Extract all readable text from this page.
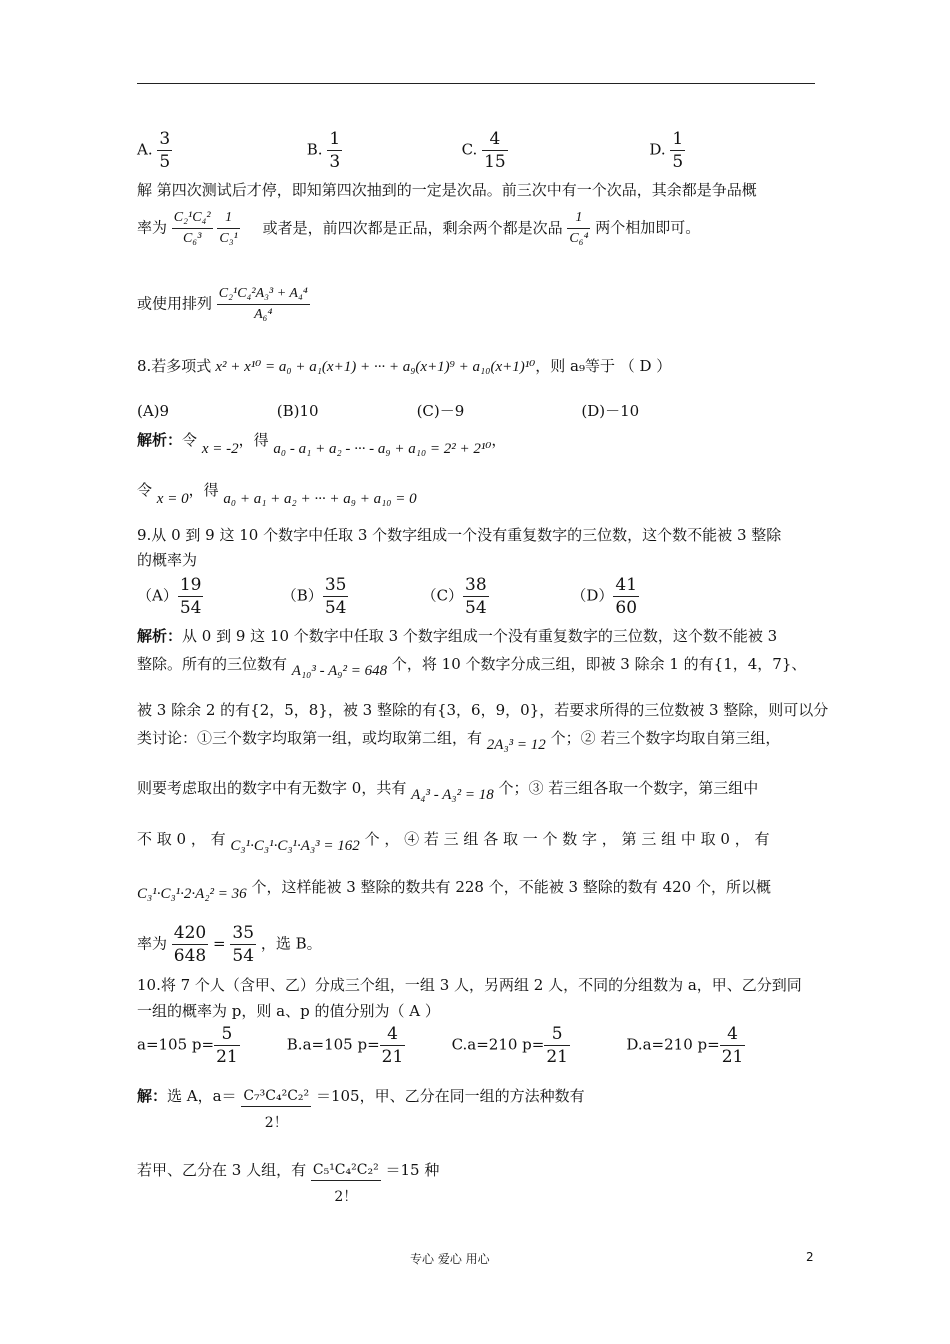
A. $\frac{3}{5}$	B. $\frac{1}{3}$	C. $\frac{4}{15}$	D. $\frac{1}{5}$
解 第四次测试后才停，即知第四次抽到的一定是次品。前三次中有一个次品，其余都是争品概
率为 $\frac{\text{C₂¹C₄²}}{\text{C₆³}}$
$\frac{1}{\text{C₃¹}}$ 或者是，前四次都是正品，剩余两个都是次品 $\frac{1}{\text{C₆⁴}}$ 两个相加即可。
或使用排列 $\frac{\text{C₂¹C₄²A₃³ + A₄⁴}}{\text{A₆⁴}}$
8.若多项式 x² + x¹⁰ = a₀ + a₁(x+1) + ··· + a₉(x+1)⁹ + a₁₀(x+1)¹⁰，则 a₉等于 （ D ）
(A)9	(B)10	(C)－9	(D)－10
解析：令 x = -2，得 a₀ - a₁ + a₂ - ··· - a₉ + a₁₀ = 2² + 2¹⁰，
令 x = 0，得 a₀ + a₁ + a₂ + ··· + a₉ + a₁₀ = 0
9.从 0 到 9 这 10 个数字中任取 3 个数字组成一个没有重复数字的三位数，这个数不能被 3 整除
的概率为
$(A) \frac{19}{54}$	$(B) \frac{35}{54}$	$(C) \frac{38}{54}$	$(D) \frac{41}{60}$
解析：从 0 到 9 这 10 个数字中任取 3 个数字组成一个没有重复数字的三位数，这个数不能被 3
整除。所有的三位数有 A₁₀³ - A₉² = 648 个，将 10 个数字分成三组，即被 3 除余 1 的有{1，4，7}、
被 3 除余 2 的有{2，5，8}，被 3 整除的有{3，6，9，0}，若要求所得的三位数被 3 整除，则可以分
类讨论：①三个数字均取第一组，或均取第二组，有 2A₃³ = 12 个；② 若三个数字均取自第三组，
则要考虑取出的数字中有无数字 0，共有 A₄³ - A₃² = 18 个；③ 若三组各取一个数字，第三组中
不 取 0 ， 有 C₃¹·C₃¹·C₃¹·A₃³ = 162 个 ， ④ 若 三 组 各 取 一 个 数 字 ， 第 三 组 中 取 0 ， 有
C₃¹·C₃¹·2·A₂² = 36 个，这样能被 3 整除的数共有 228 个，不能被 3 整除的数有 420 个，所以概
率为 $\frac{420}{648} = \frac{35}{54}$ ，选 B。
10.将 7 个人（含甲、乙）分成三个组，一组 3 人，另两组 2 人，不同的分组数为 a，甲、乙分到同
一组的概率为 p，则 a、p 的值分别为（ A ）
a=105 $p= \frac{5}{21}$	B.a=105 $p= \frac{4}{21}$	C.a=210 $p= \frac{5}{21}$	D.a=210 $p= \frac{4}{21}$
解：选 A，$a= \frac{\text{C₇³C₄²C₂²}}{2!} =105$，甲、乙分在同一组的方法种数有
若甲、乙分在 3 人组，有 $\frac{\text{C₅¹C₄²C₂²}}{2!} =15$ 种
专心 爱心 用心	2
